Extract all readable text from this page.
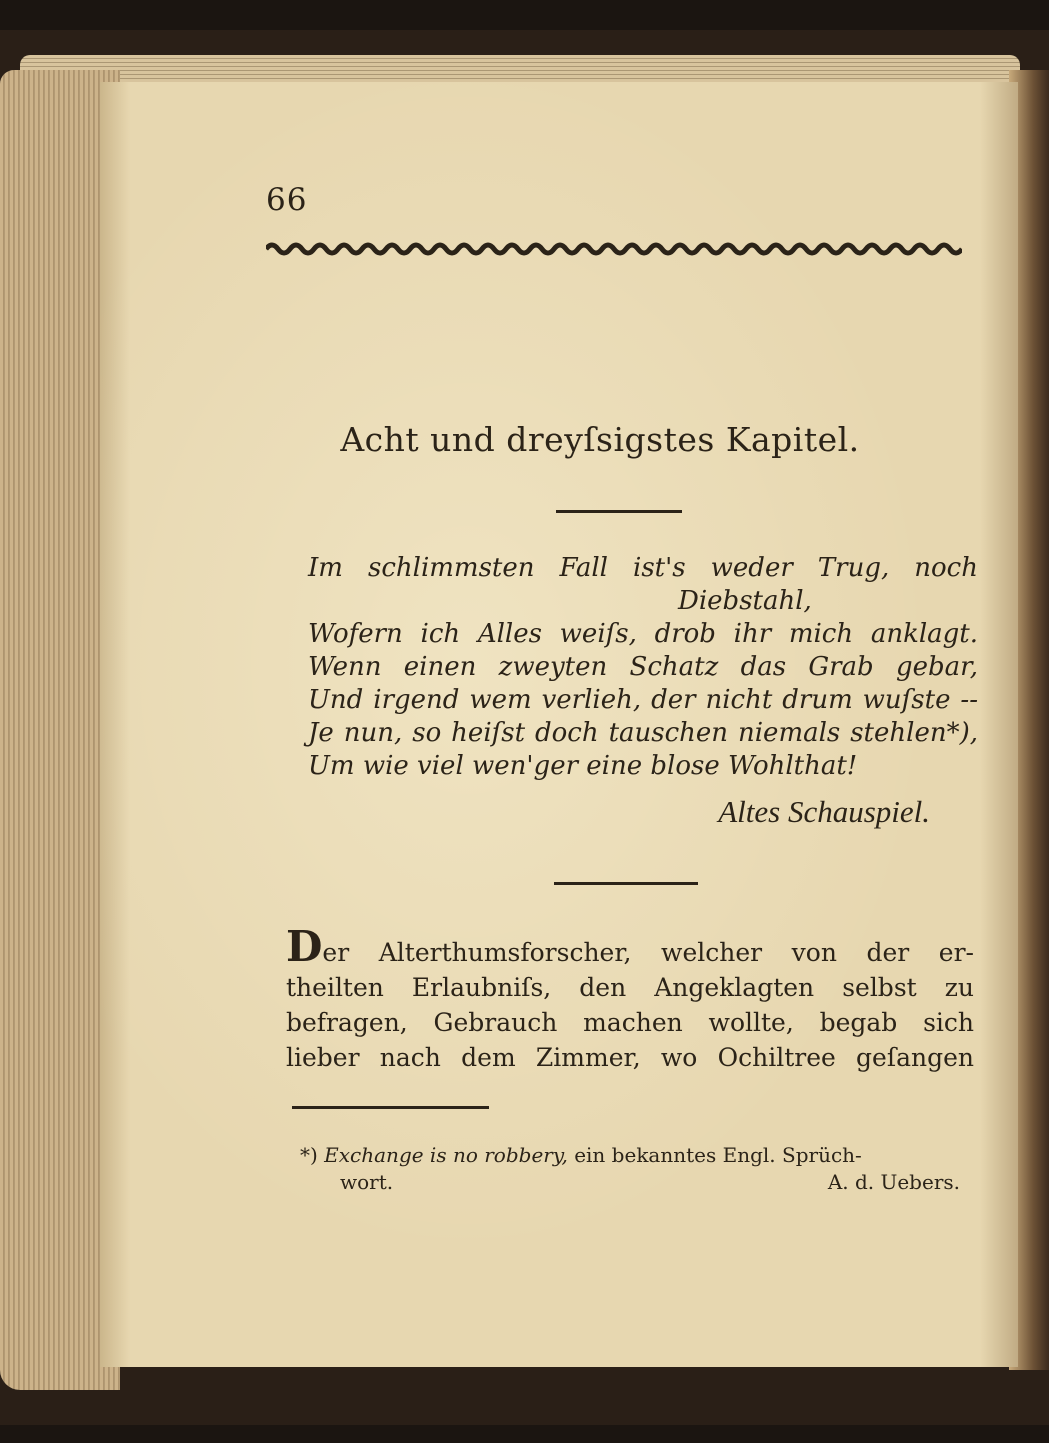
66
Acht und dreyſsigstes Kapitel.
Im schlimmsten Fall ist's weder Trug, noch
Diebstahl,
Wofern ich Alles weiſs, drob ihr mich anklagt.
Wenn einen zweyten Schatz das Grab gebar,
Und irgend wem verlieh, der nicht drum wuſste --
Je nun, so heiſst doch tauschen niemals stehlen*),
Um wie viel wen'ger eine blose Wohlthat!
Altes Schauspiel.
Der Alterthumsforscher, welcher von der er-
theilten Erlaubniſs, den Angeklagten selbst zu
befragen, Gebrauch machen wollte, begab sich
lieber nach dem Zimmer, wo Ochiltree geſangen
*) Exchange is no robbery, ein bekanntes Engl. Sprüch-
wort.	A. d. Uebers.
